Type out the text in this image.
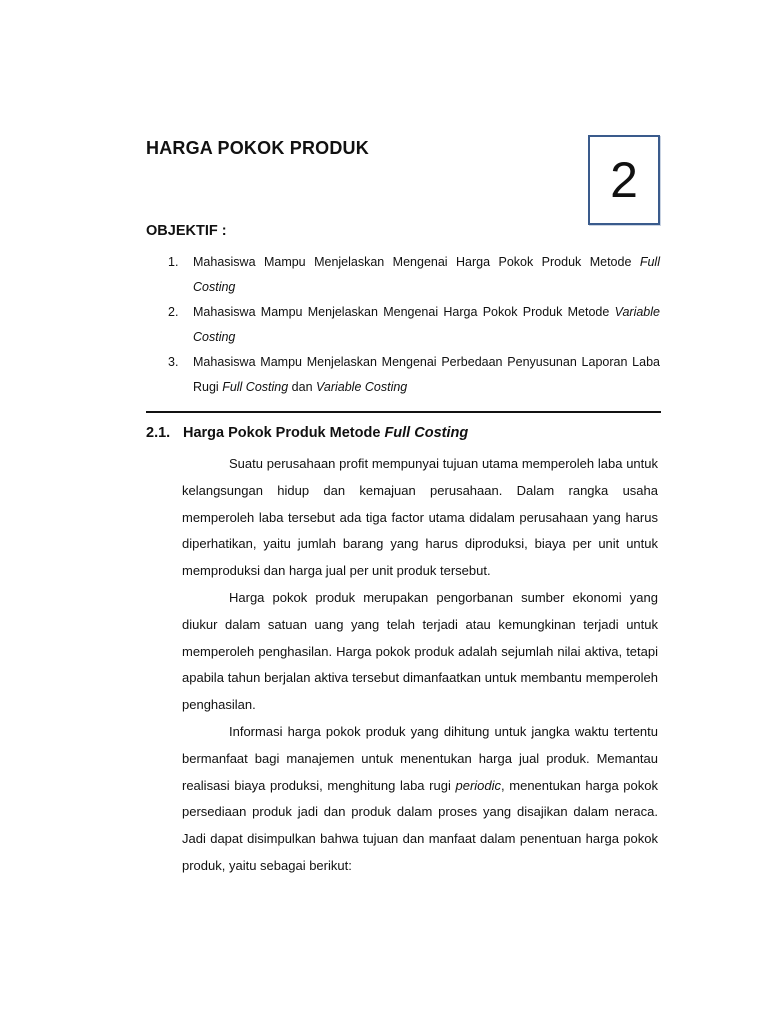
HARGA POKOK PRODUK
2
OBJEKTIF :
1. Mahasiswa Mampu Menjelaskan Mengenai Harga Pokok Produk Metode Full Costing
2. Mahasiswa Mampu Menjelaskan Mengenai Harga Pokok Produk Metode Variable Costing
3. Mahasiswa Mampu Menjelaskan Mengenai Perbedaan Penyusunan Laporan Laba Rugi Full Costing dan Variable Costing
2.1. Harga Pokok Produk Metode Full Costing

Suatu perusahaan profit mempunyai tujuan utama memperoleh laba untuk kelangsungan hidup dan kemajuan perusahaan. Dalam rangka usaha memperoleh laba tersebut ada tiga factor utama didalam perusahaan yang harus diperhatikan, yaitu jumlah barang yang harus diproduksi, biaya per unit untuk memproduksi dan harga jual per unit produk tersebut.

Harga pokok produk merupakan pengorbanan sumber ekonomi yang diukur dalam satuan uang yang telah terjadi atau kemungkinan terjadi untuk memperoleh penghasilan. Harga pokok produk adalah sejumlah nilai aktiva, tetapi apabila tahun berjalan aktiva tersebut dimanfaatkan untuk membantu memperoleh penghasilan.

Informasi harga pokok produk yang dihitung untuk jangka waktu tertentu bermanfaat bagi manajemen untuk menentukan harga jual produk. Memantau realisasi biaya produksi, menghitung laba rugi periodic, menentukan harga pokok persediaan produk jadi dan produk dalam proses yang disajikan dalam neraca. Jadi dapat disimpulkan bahwa tujuan dan manfaat dalam penentuan harga pokok produk, yaitu sebagai berikut:
